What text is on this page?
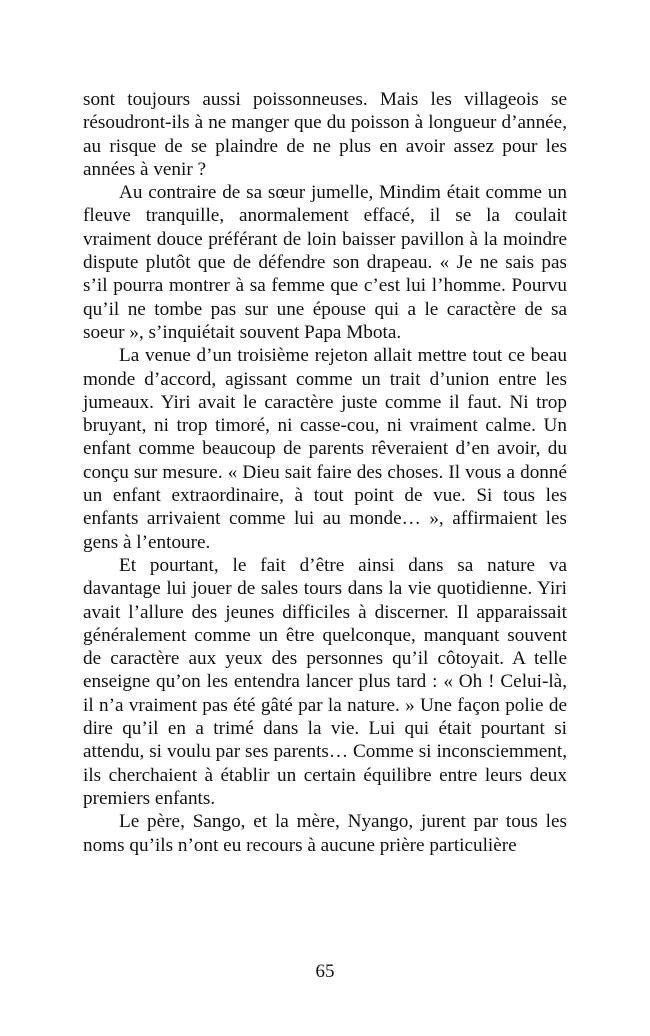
sont toujours aussi poissonneuses. Mais les villageois se résoudront-ils à ne manger que du poisson à longueur d’année, au risque de se plaindre de ne plus en avoir assez pour les années à venir ?

Au contraire de sa sœur jumelle, Mindim était comme un fleuve tranquille, anormalement effacé, il se la coulait vraiment douce préférant de loin baisser pavillon à la moindre dispute plutôt que de défendre son drapeau. « Je ne sais pas s’il pourra montrer à sa femme que c’est lui l’homme. Pourvu qu’il ne tombe pas sur une épouse qui a le caractère de sa soeur », s’inquiétait souvent Papa Mbota.

La venue d’un troisième rejeton allait mettre tout ce beau monde d’accord, agissant comme un trait d’union entre les jumeaux. Yiri avait le caractère juste comme il faut. Ni trop bruyant, ni trop timoré, ni casse-cou, ni vraiment calme. Un enfant comme beaucoup de parents rêveraient d’en avoir, du conçu sur mesure. « Dieu sait faire des choses. Il vous a donné un enfant extraordinaire, à tout point de vue. Si tous les enfants arrivaient comme lui au monde… », affirmaient les gens à l’entoure.

Et pourtant, le fait d’être ainsi dans sa nature va davantage lui jouer de sales tours dans la vie quotidienne. Yiri avait l’allure des jeunes difficiles à discerner. Il apparaissait généralement comme un être quelconque, manquant souvent de caractère aux yeux des personnes qu’il côtoyait. A telle enseigne qu’on les entendra lancer plus tard : « Oh ! Celui-là, il n’a vraiment pas été gâté par la nature. » Une façon polie de dire qu’il en a trimé dans la vie. Lui qui était pourtant si attendu, si voulu par ses parents… Comme si inconsciemment, ils cherchaient à établir un certain équilibre entre leurs deux premiers enfants.

Le père, Sango, et la mère, Nyango, jurent par tous les noms qu’ils n’ont eu recours à aucune prière particulière

65
